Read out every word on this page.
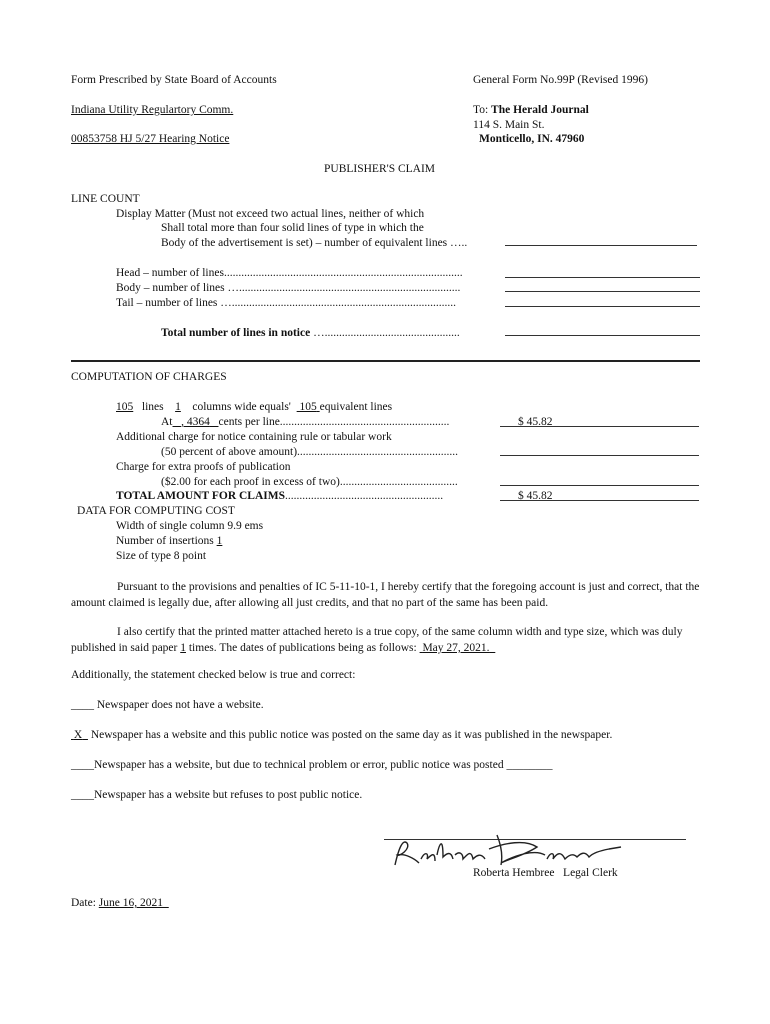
Form Prescribed by State Board of Accounts	General Form No.99P (Revised 1996)
Indiana Utility Regulartory Comm.	To: The Herald Journal
114 S. Main St.
Monticello, IN. 47960
00853758 HJ 5/27 Hearing Notice
PUBLISHER'S CLAIM
LINE COUNT
Display Matter (Must not exceed two actual lines, neither of which
Shall total more than four solid lines of type in which the
Body of the advertisement is set) – number of equivalent lines …..
Head – number of lines...................................................................................
Body – number of lines ….............................................................................
Tail – number of lines …..............................................................................
Total number of lines in notice …...............................................
COMPUTATION OF CHARGES
105 lines 1 columns wide equals' 105 equivalent lines
At , 4364 cents per line...........................................................	$ 45.82
Additional charge for notice containing rule or tabular work
(50 percent of above amount)........................................................
Charge for extra proofs of publication
($2.00 for each proof in excess of two).........................................
TOTAL AMOUNT FOR CLAIMS.......................................................	$ 45.82
DATA FOR COMPUTING COST
Width of single column 9.9 ems
Number of insertions 1
Size of type 8 point
Pursuant to the provisions and penalties of IC 5-11-10-1, I hereby certify that the foregoing account is just and correct, that the amount claimed is legally due, after allowing all just credits, and that no part of the same has been paid.
I also certify that the printed matter attached hereto is a true copy, of the same column width and type size, which was duly published in said paper 1 times. The dates of publications being as follows: May 27, 2021.
Additionally, the statement checked below is true and correct:
____ Newspaper does not have a website.
X Newspaper has a website and this public notice was posted on the same day as it was published in the newspaper.
____Newspaper has a website, but due to technical problem or error, public notice was posted ________
____Newspaper has a website but refuses to post public notice.
Roberta Hembree Legal Clerk
Date: June 16, 2021
